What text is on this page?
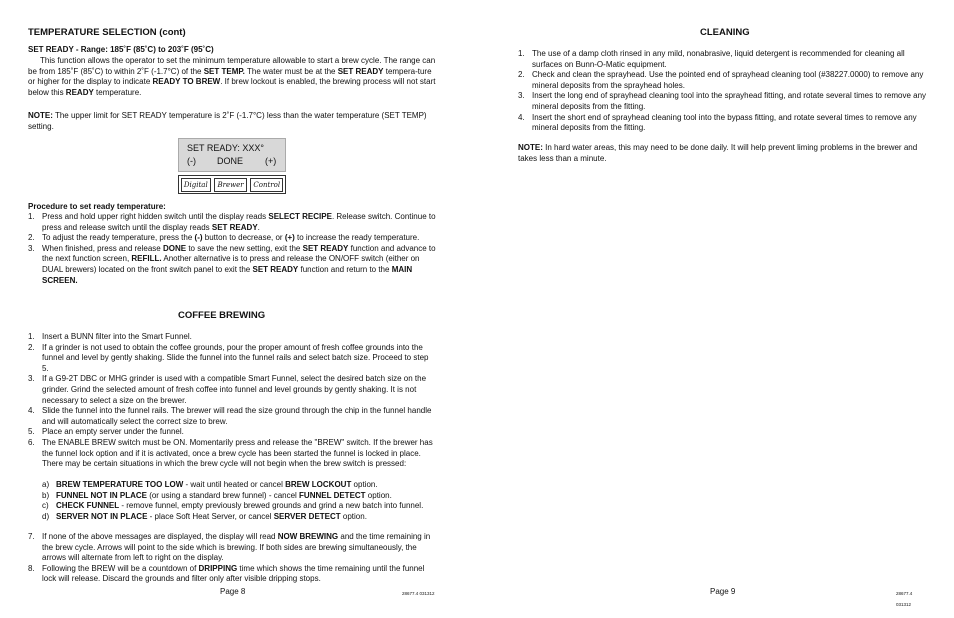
TEMPERATURE SELECTION (cont)
SET READY - Range: 185˚F (85˚C) to 203˚F (95˚C)
This function allows the operator to set the minimum temperature allowable to start a brew cycle. The range can be from 185˚F (85˚C) to within 2˚F (-1.7°C) of the SET TEMP. The water must be at the SET READY tempera-ture or higher for the display to indicate READY TO BREW. If brew lockout is enabled, the brewing process will not start below this READY temperature.
NOTE: The upper limit for SET READY temperature is 2˚F (-1.7°C) less than the water temperature (SET TEMP) setting.
SET READY: XXX°
(-) DONE (+)
Digital	Brewer	Control
Procedure to set ready temperature:
1. Press and hold upper right hidden switch until the display reads SELECT RECIPE. Release switch. Continue to press and release switch until the display reads SET READY.
2. To adjust the ready temperature, press the (-) button to decrease, or (+) to increase the ready temperature.
3. When finished, press and release DONE to save the new setting, exit the SET READY function and advance to the next function screen, REFILL. Another alternative is to press and release the ON/OFF switch (either on DUAL brewers) located on the front switch panel to exit the SET READY function and return to the MAIN SCREEN.
COFFEE BREWING
1. Insert a BUNN filter into the Smart Funnel.
2. If a grinder is not used to obtain the coffee grounds, pour the proper amount of fresh coffee grounds into the funnel and level by gently shaking. Slide the funnel into the funnel rails and select batch size. Proceed to step 5.
3. If a G9-2T DBC or MHG grinder is used with a compatible Smart Funnel, select the desired batch size on the grinder. Grind the selected amount of fresh coffee into funnel and level grounds by gently shaking. It is not necessary to select a size on the brewer.
4. Slide the funnel into the funnel rails. The brewer will read the size ground through the chip in the funnel handle and will automatically select the correct size to brew.
5. Place an empty server under the funnel.
6. The ENABLE BREW switch must be ON. Momentarily press and release the "BREW" switch. If the brewer has the funnel lock option and if it is activated, once a brew cycle has been started the funnel is locked in place. There may be certain situations in which the brew cycle will not begin when the brew switch is pressed:
a) BREW TEMPERATURE TOO LOW - wait until heated or cancel BREW LOCKOUT option.
b) FUNNEL NOT IN PLACE (or using a standard brew funnel) - cancel FUNNEL DETECT option.
c) CHECK FUNNEL - remove funnel, empty previously brewed grounds and grind a new batch into funnel.
d) SERVER NOT IN PLACE - place Soft Heat Server, or cancel SERVER DETECT option.
7. If none of the above messages are displayed, the display will read NOW BREWING and the time remaining in the brew cycle. Arrows will point to the side which is brewing. If both sides are brewing simultaneously, the arrows will alternate from left to right on the display.
8. Following the BREW will be a countdown of DRIPPING time which shows the time remaining until the funnel lock will release. Discard the grounds and filter only after visible dripping stops.
Page 8	28677.4 031312
CLEANING
1. The use of a damp cloth rinsed in any mild, nonabrasive, liquid detergent is recommended for cleaning all surfaces on Bunn-O-Matic equipment.
2. Check and clean the sprayhead. Use the pointed end of sprayhead cleaning tool (#38227.0000) to remove any mineral deposits from the sprayhead holes.
3. Insert the long end of sprayhead cleaning tool into the sprayhead fitting, and rotate several times to remove any mineral deposits from the fitting.
4. Insert the short end of sprayhead cleaning tool into the bypass fitting, and rotate several times to remove any mineral deposits from the fitting.
NOTE: In hard water areas, this may need to be done daily. It will help prevent liming problems in the brewer and takes less than a minute.
Page 9	28677.4 031312
